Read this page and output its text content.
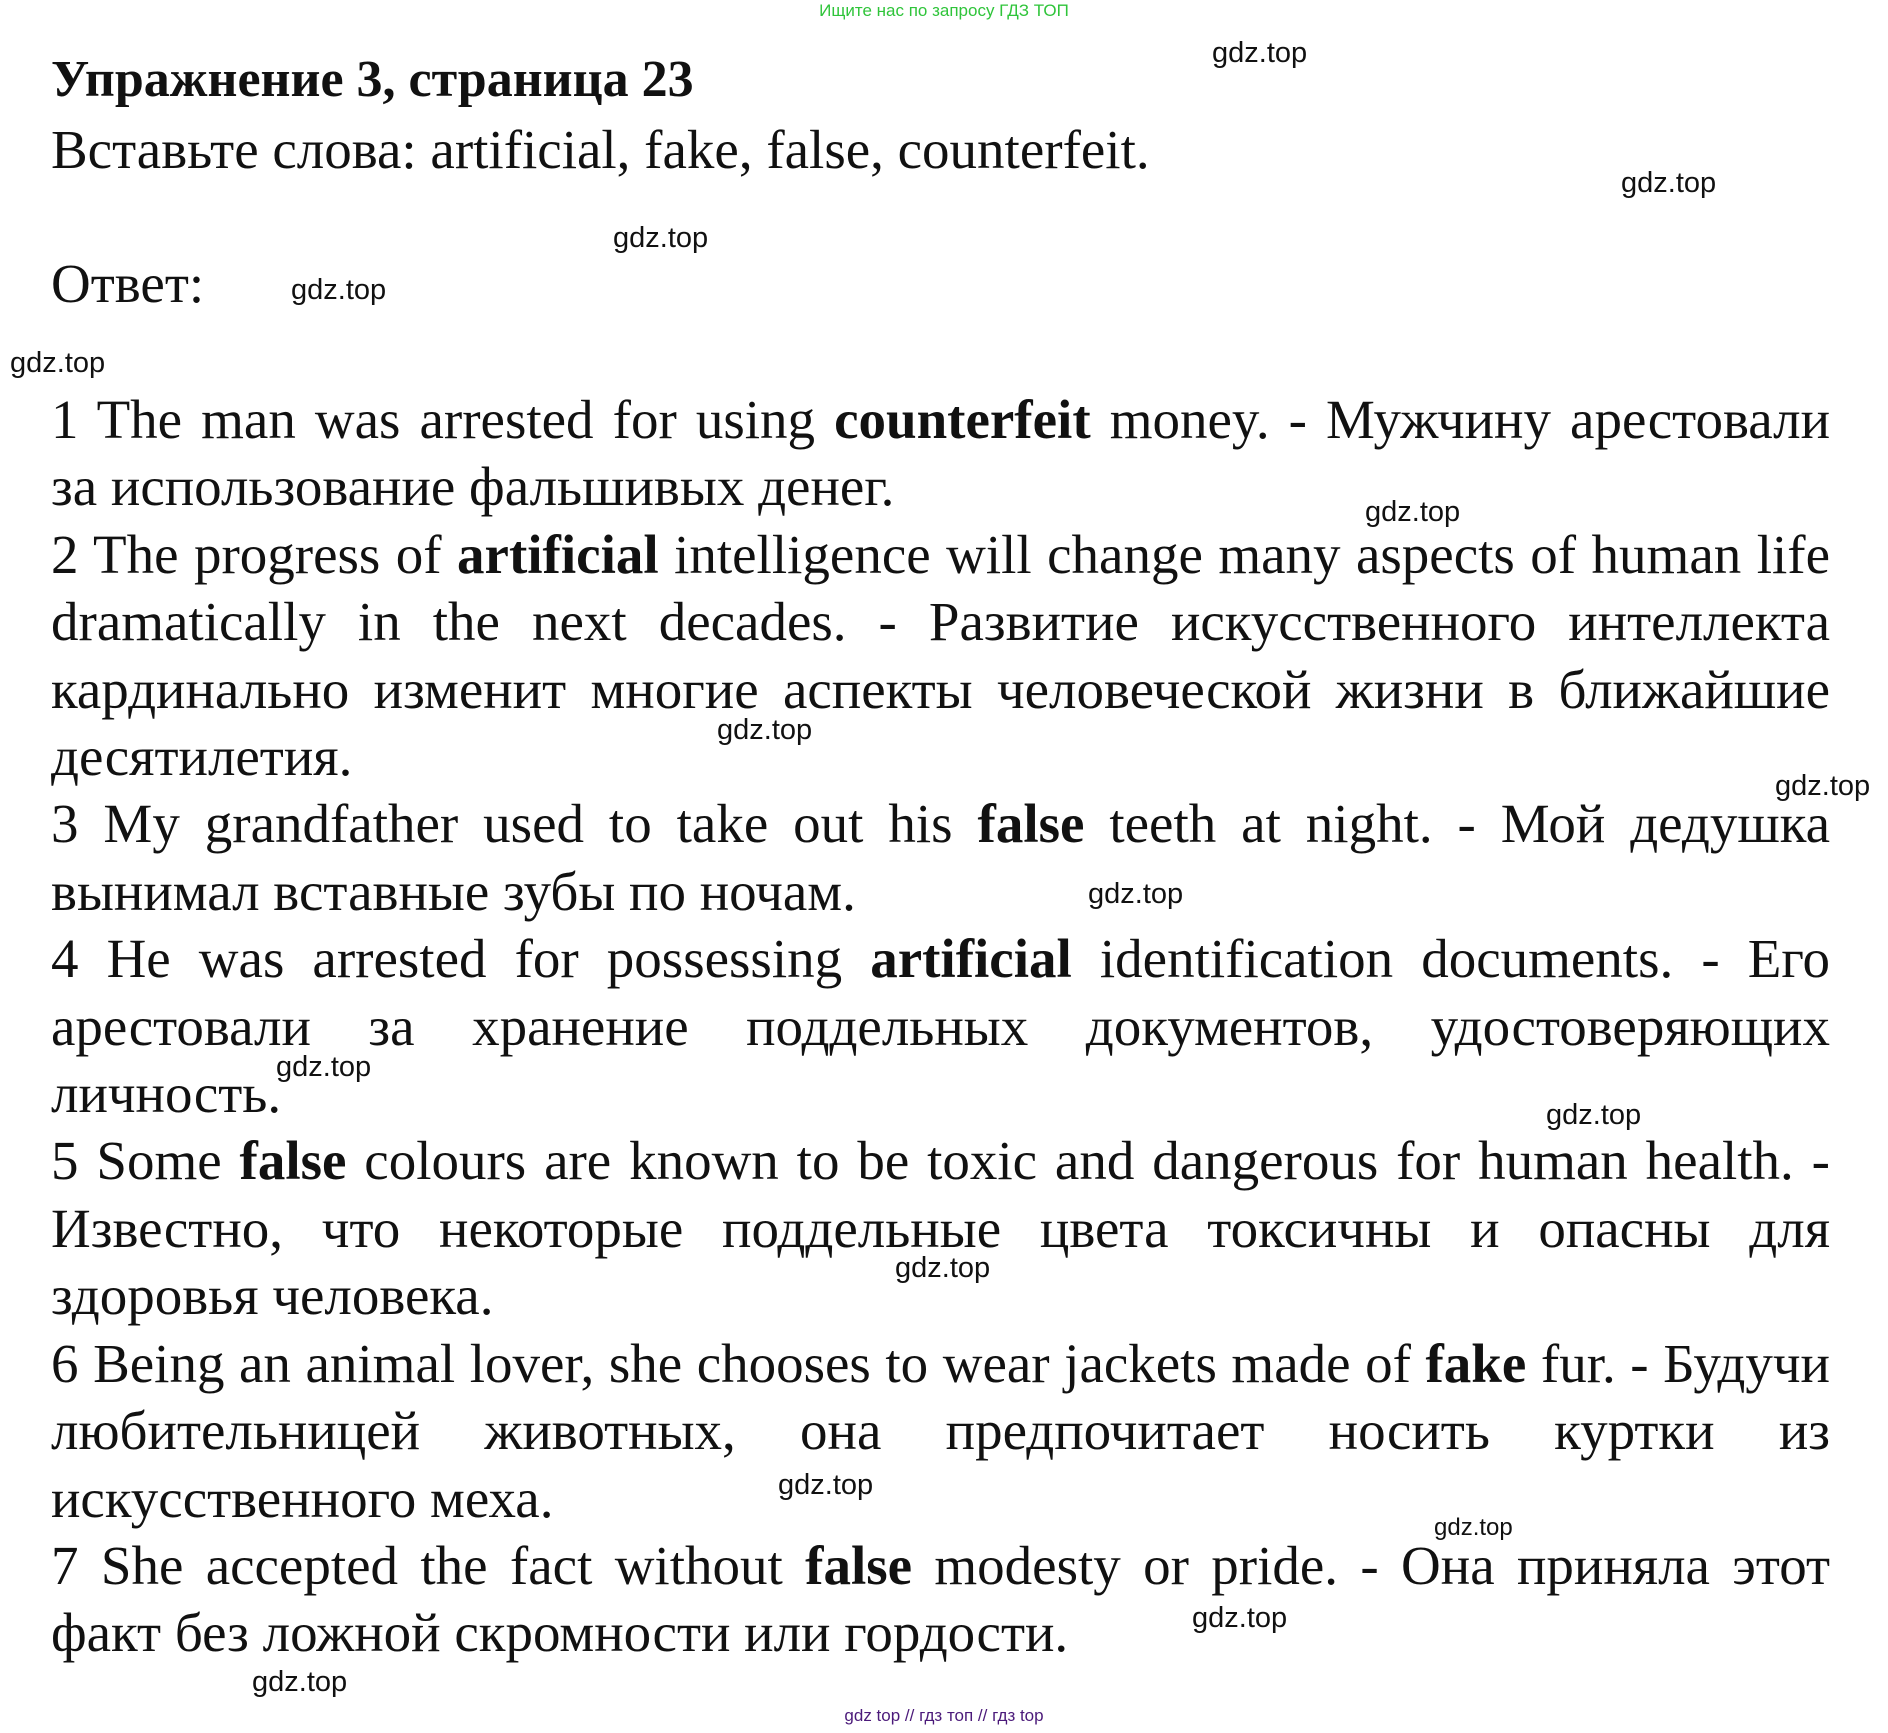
Ищите нас по запросу ГДЗ ТОП
Упражнение 3, страница 23
Вставьте слова: artificial, fake, false, counterfeit.
Ответ:

1 The man was arrested for using counterfeit money. - Мужчину арестовали за использование фальшивых денег.

2 The progress of artificial intelligence will change many aspects of human life dramatically in the next decades. - Развитие искусственного интеллекта кардинально изменит многие аспекты человеческой жизни в ближайшие десятилетия.

3 My grandfather used to take out his false teeth at night. - Мой дедушка вынимал вставные зубы по ночам.

4 He was arrested for possessing artificial identification documents. - Его арестовали за хранение поддельных документов, удостоверяющих личность.

5 Some false colours are known to be toxic and dangerous for human health. - Известно, что некоторые поддельные цвета токсичны и опасны для здоровья человека.

6 Being an animal lover, she chooses to wear jackets made of fake fur. - Будучи любительницей животных, она предпочитает носить куртки из искусственного меха.

7 She accepted the fact without false modesty or pride. - Она приняла этот факт без ложной скромности или гордости.

gdz.top
gdz.top
gdz.top
gdz.top
gdz.top
gdz.top
gdz.top
gdz.top
gdz.top
gdz.top
gdz.top
gdz.top
gdz.top
gdz.top
gdz.top
gdz.top
gdz top // гдз топ // гдз top
